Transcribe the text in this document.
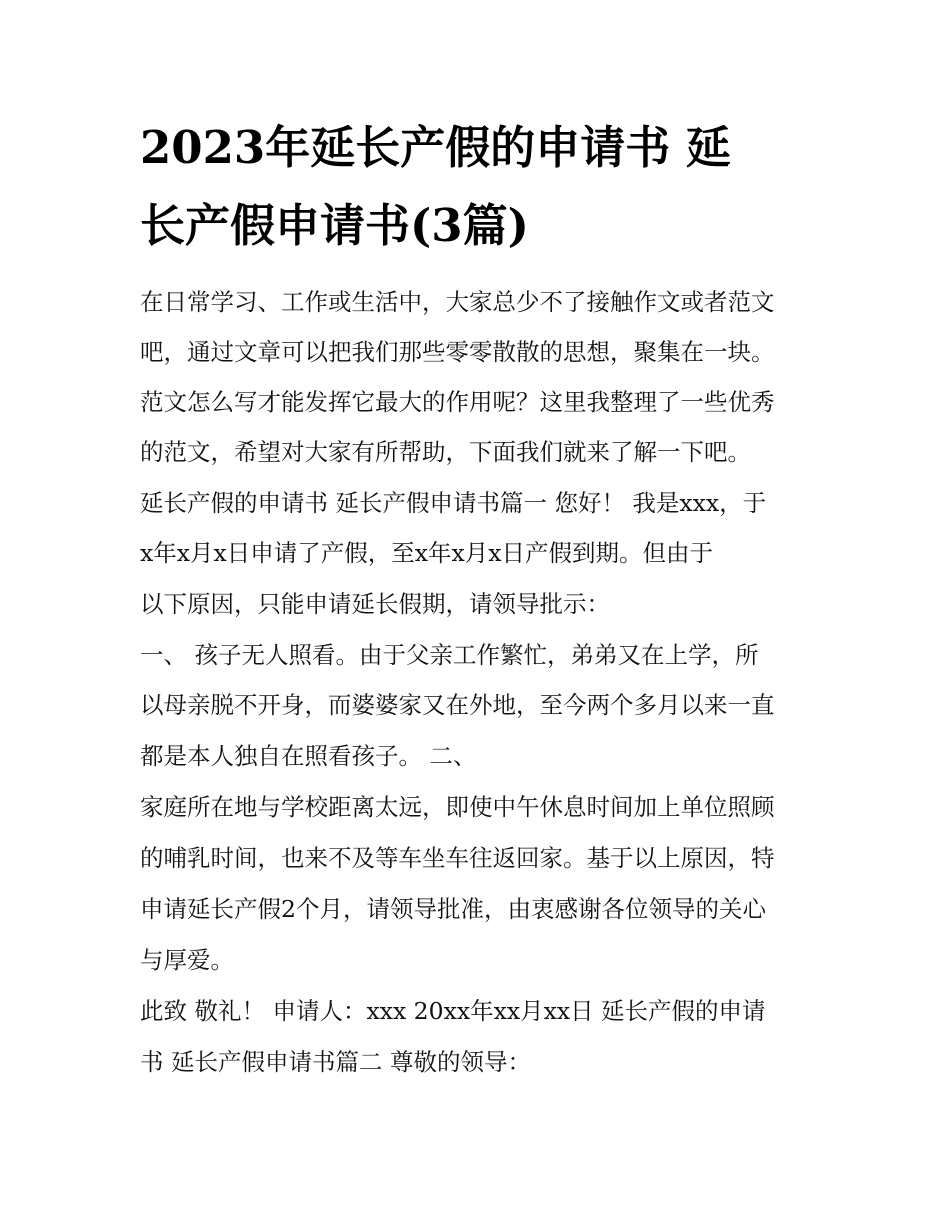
2023年延长产假的申请书 延
长产假申请书(3篇)
在日常学习、工作或生活中，大家总少不了接触作文或者范文
吧，通过文章可以把我们那些零零散散的思想，聚集在一块。
范文怎么写才能发挥它最大的作用呢？这里我整理了一些优秀
的范文，希望对大家有所帮助，下面我们就来了解一下吧。
延长产假的申请书 延长产假申请书篇一 您好！ 我是xxx，于
x年x月x日申请了产假，至x年x月x日产假到期。但由于
以下原因，只能申请延长假期，请领导批示：
一、 孩子无人照看。由于父亲工作繁忙，弟弟又在上学，所
以母亲脱不开身，而婆婆家又在外地，至今两个多月以来一直
都是本人独自在照看孩子。 二、
家庭所在地与学校距离太远，即使中午休息时间加上单位照顾
的哺乳时间，也来不及等车坐车往返回家。基于以上原因，特
申请延长产假2个月，请领导批准，由衷感谢各位领导的关心
与厚爱。
此致 敬礼！ 申请人：xxx 20xx年xx月xx日 延长产假的申请
书 延长产假申请书篇二 尊敬的领导：
